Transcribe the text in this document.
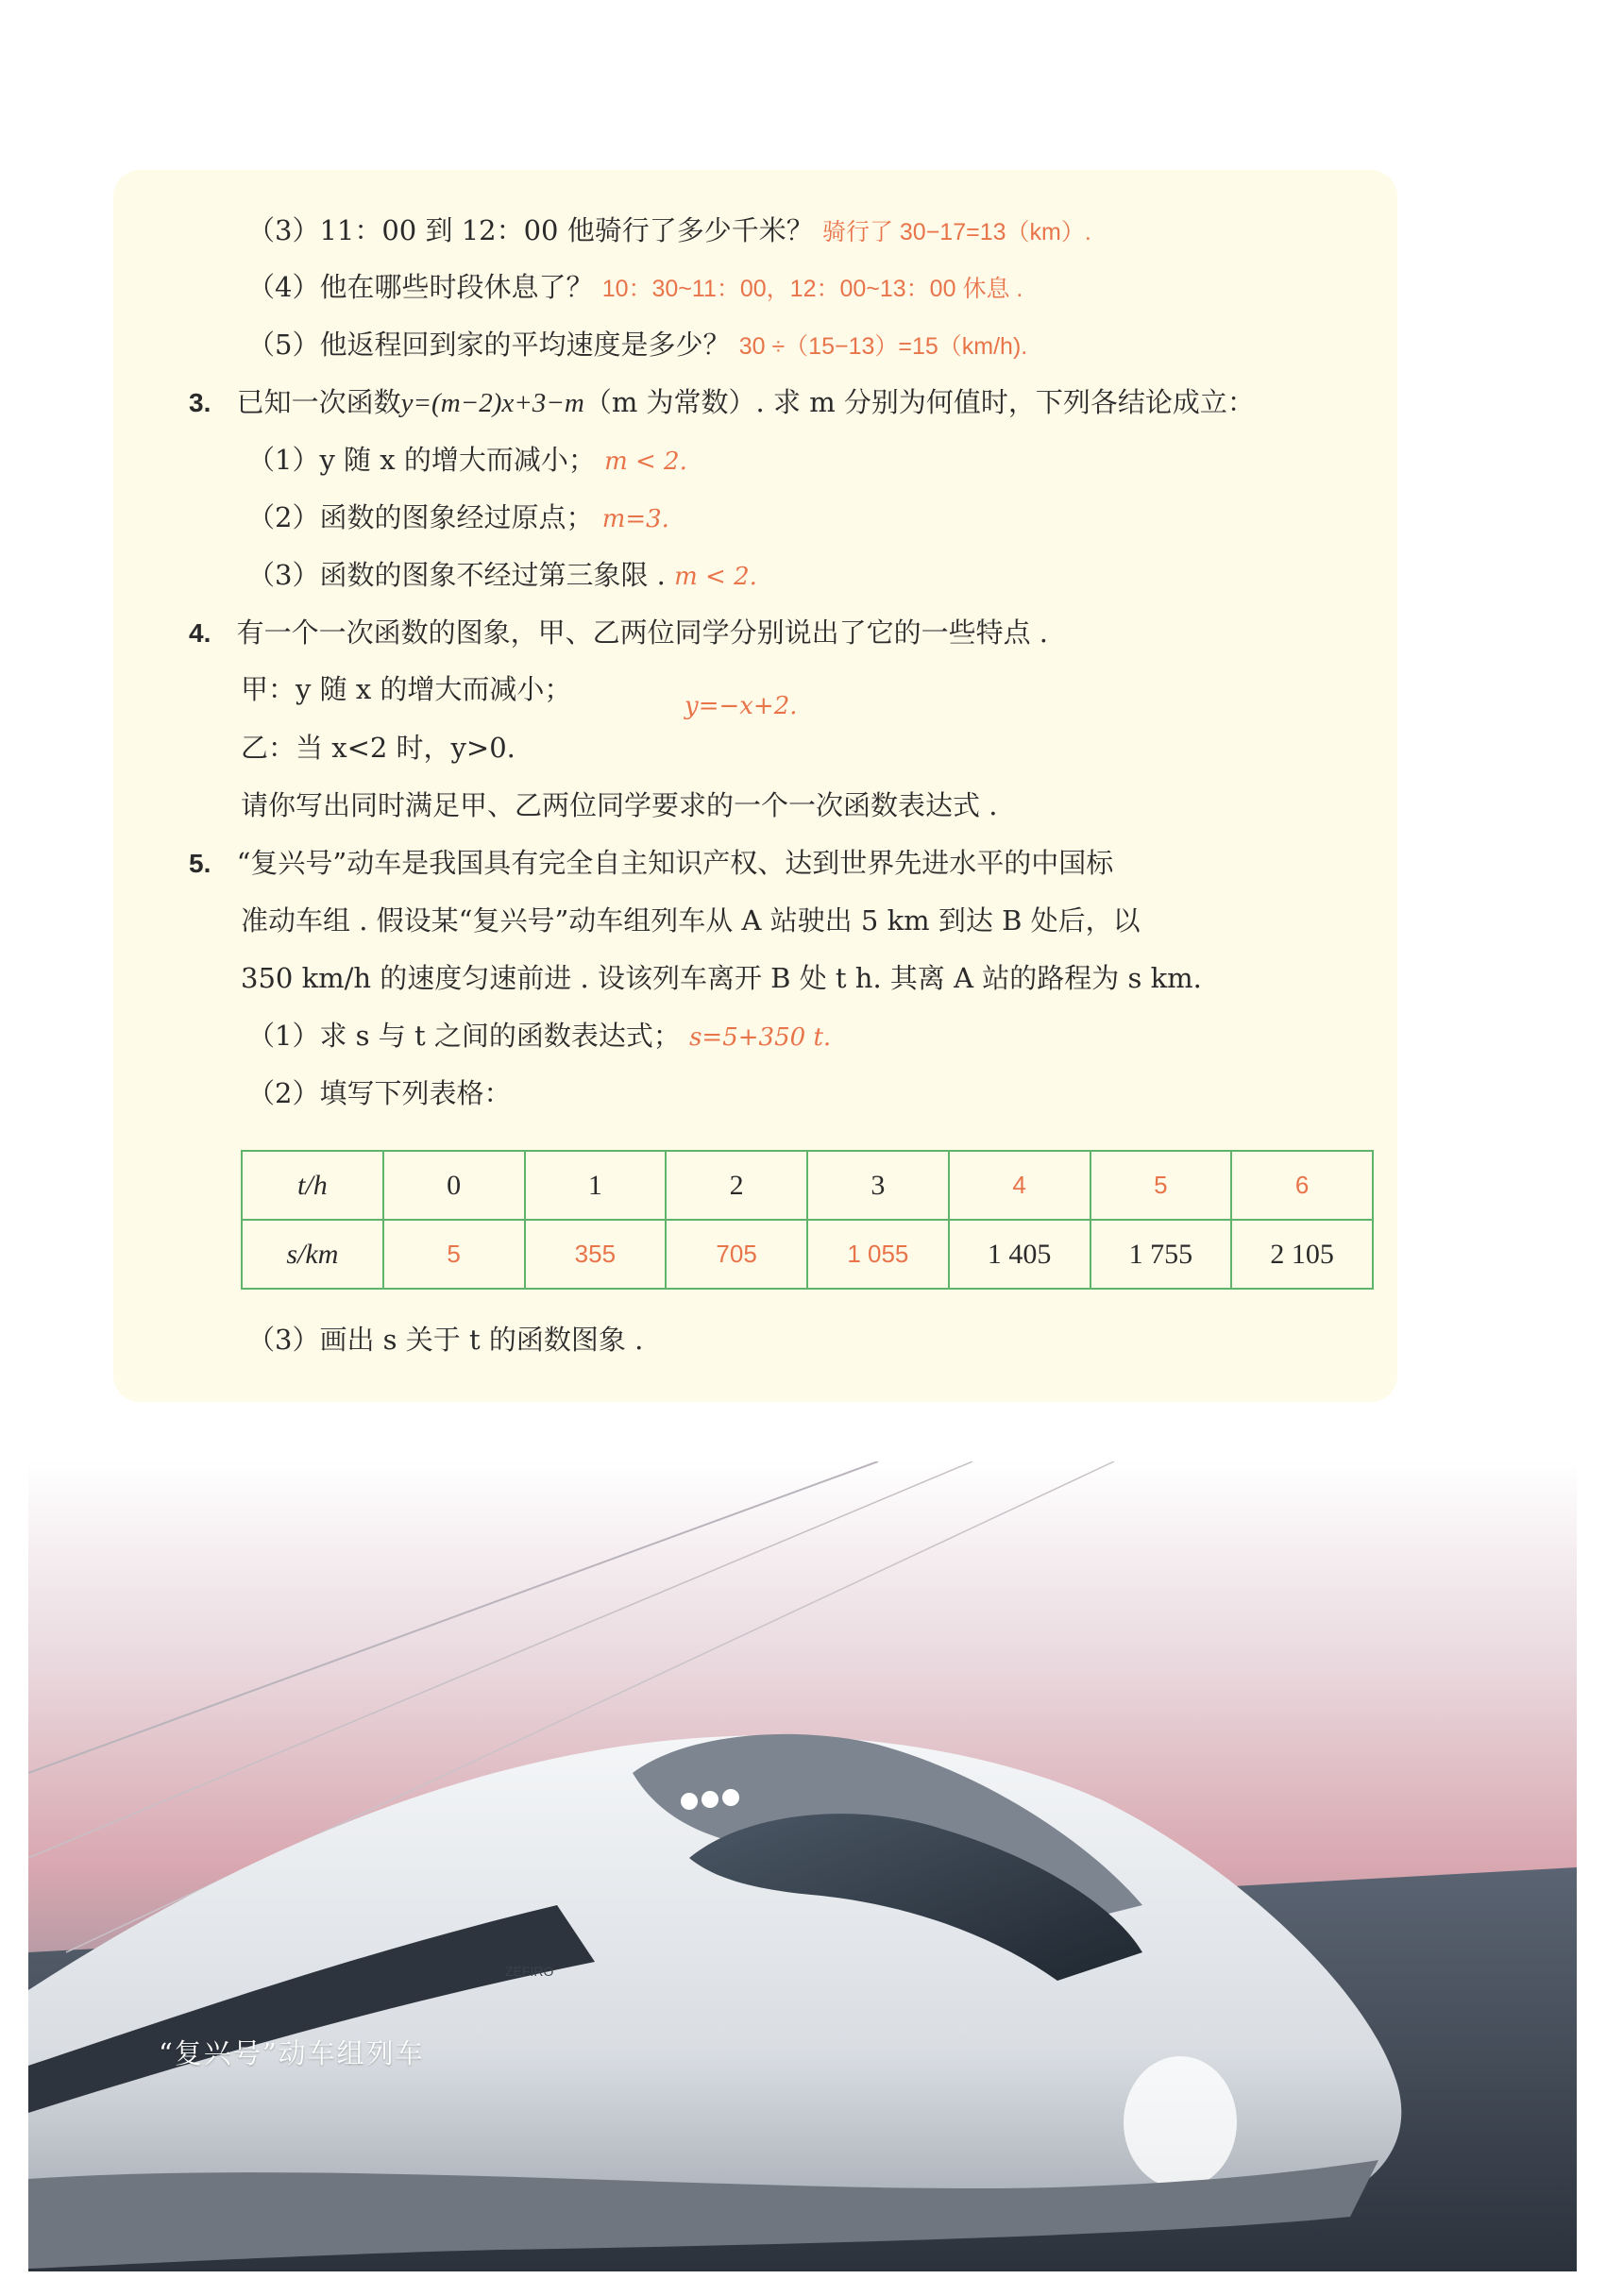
（3）11：00 到 12：00 他骑行了多少千米？ 骑行了 30−17=13（km）.
（4）他在哪些时段休息了？ 10：30~11：00，12：00~13：00 休息 .
（5）他返程回到家的平均速度是多少？ 30 ÷（15−13）=15（km/h).
3. 已知一次函数y=(m−2)x+3−m（m 为常数）. 求 m 分别为何值时，下列各结论成立：
（1）y 随 x 的增大而减小； m < 2.
（2）函数的图象经过原点； m=3.
（3）函数的图象不经过第三象限 . m < 2.
4. 有一个一次函数的图象，甲、乙两位同学分别说出了它的一些特点 .
甲：y 随 x 的增大而减小；
y=−x+2.
乙：当 x<2 时，y>0.
请你写出同时满足甲、乙两位同学要求的一个一次函数表达式 .
5. “复兴号”动车是我国具有完全自主知识产权、达到世界先进水平的中国标
准动车组 . 假设某“复兴号”动车组列车从 A 站驶出 5 km 到达 B 处后，以
350 km/h 的速度匀速前进 . 设该列车离开 B 处 t h. 其离 A 站的路程为 s km.
（1）求 s 与 t 之间的函数表达式； s=5+350 t.
（2）填写下列表格：
t/h	0	1	2	3	4	5	6
s/km	5	355	705	1 055	1 405	1 755	2 105
（3）画出 s 关于 t 的函数图象 .
ZEFIRO
“复兴号”动车组列车
